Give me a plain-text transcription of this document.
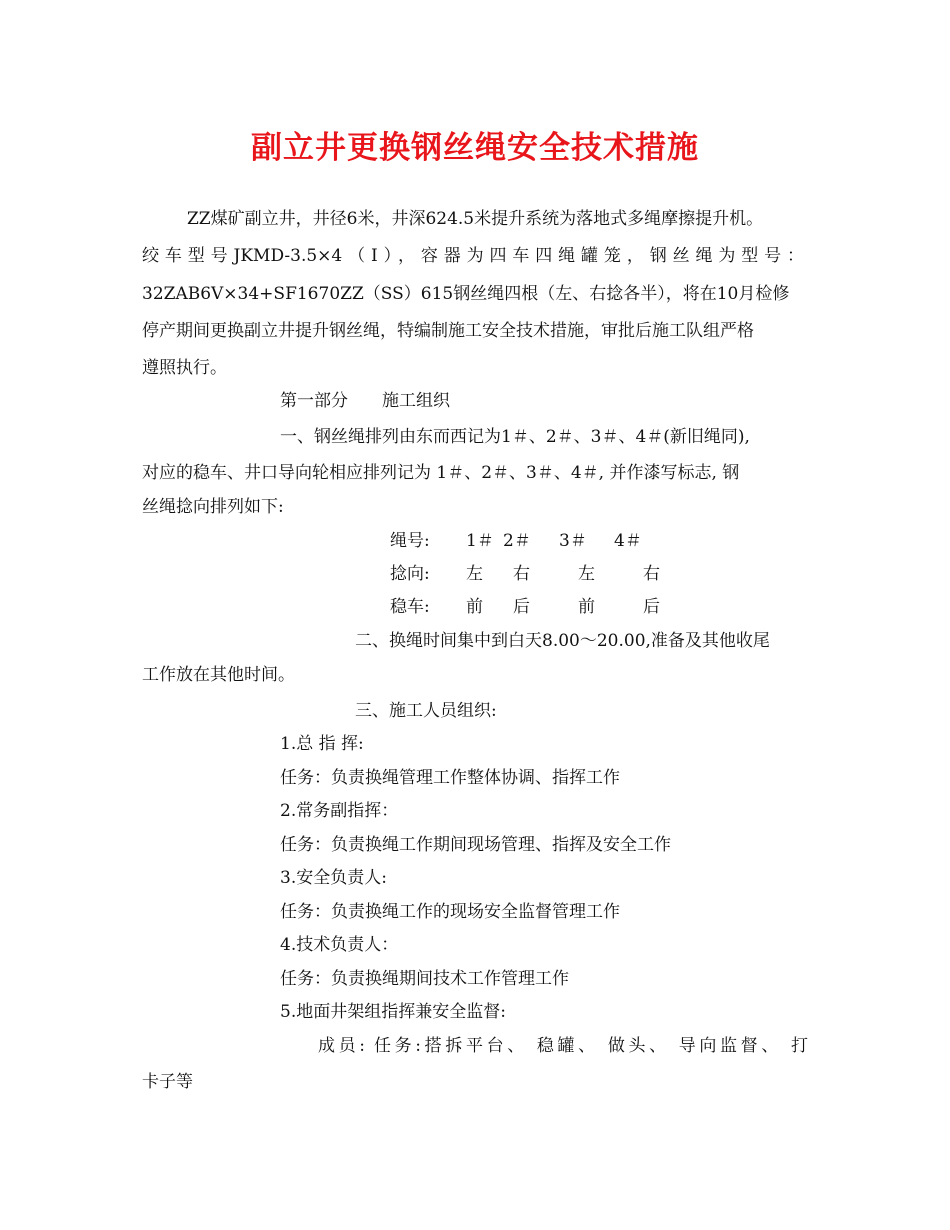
副立井更换钢丝绳安全技术措施
ZZ煤矿副立井，井径6米，井深624.5米提升系统为落地式多绳摩擦提升机。
绞车型号JKMD-3.5×4（Ⅰ），容器为四车四绳罐笼，钢丝绳为型号：
32ZAB6V×34+SF1670ZZ（SS）615钢丝绳四根（左、右捻各半），将在10月检修
停产期间更换副立井提升钢丝绳，特编制施工安全技术措施，审批后施工队组严格
遵照执行。
第一部分 施工组织
一、钢丝绳排列由东而西记为1＃、2＃、3＃、4＃(新旧绳同),
对应的稳车、井口导向轮相应排列记为 1＃、2＃、3＃、4＃, 并作漆写标志, 钢
丝绳捻向排列如下:
绳号: 1＃ 2＃ 3＃ 4＃
捻向: 左 右	左	右
稳车: 前 后	前	后
二、换绳时间集中到白天8.00～20.00,准备及其他收尾
工作放在其他时间。
三、施工人员组织:
1.总 指 挥:
任务：负责换绳管理工作整体协调、指挥工作
2.常务副指挥：
任务：负责换绳工作期间现场管理、指挥及安全工作
3.安全负责人:
任务：负责换绳工作的现场安全监督管理工作
4.技术负责人：
任务：负责换绳期间技术工作管理工作
5.地面井架组指挥兼安全监督:
成员: 任务:搭拆平台、 稳罐、 做头、 导向监督、 打
卡子等
